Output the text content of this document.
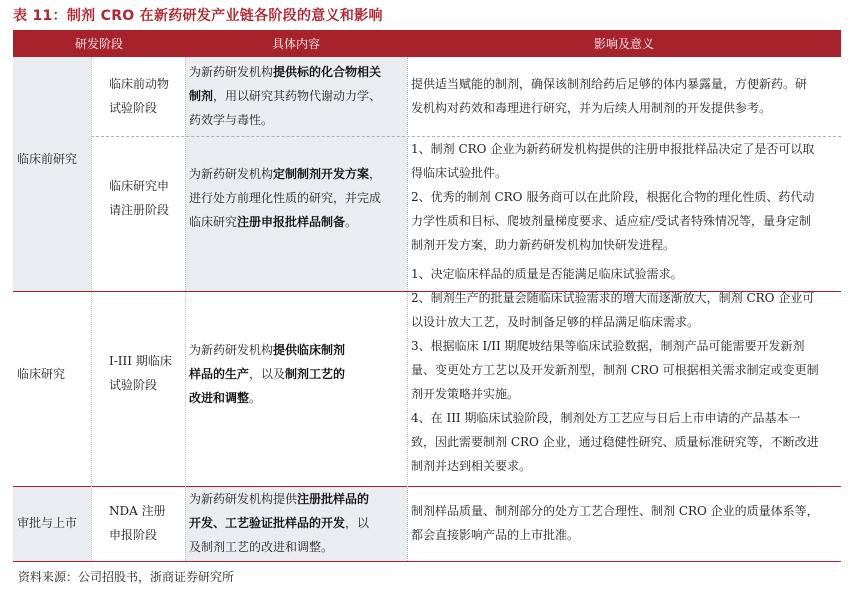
表 11：制剂 CRO 在新药研发产业链各阶段的意义和影响
研发阶段	具体内容	影响及意义
临床前研究
临床研究
审批与上市
临床前动物
试验阶段
为新药研发机构提供标的化合物相关
制剂，用以研究其药物代谢动力学、
药效学与毒性。
提供适当赋能的制剂，确保该制剂给药后足够的体内暴露量，方便新药。研
发机构对药效和毒理进行研究，并为后续人用制剂的开发提供参考。
临床研究申
请注册阶段
为新药研发机构定制制剂开发方案，
进行处方前理化性质的研究，并完成
临床研究注册申报批样品制备。
1、制剂 CRO 企业为新药研发机构提供的注册申报批样品决定了是否可以取
得临床试验批件。
2、优秀的制剂 CRO 服务商可以在此阶段，根据化合物的理化性质、药代动
力学性质和目标、爬坡剂量梯度要求、适应症/受试者特殊情况等，量身定制
制剂开发方案，助力新药研发机构加快研发进程。
I-III 期临床
试验阶段
为新药研发机构提供临床制剂
样品的生产，以及制剂工艺的
改进和调整。
1、决定临床样品的质量是否能满足临床试验需求。
2、制剂生产的批量会随临床试验需求的增大而逐渐放大，制剂 CRO 企业可
以设计放大工艺，及时制备足够的样品满足临床需求。
3、根据临床 I/II 期爬坡结果等临床试验数据，制剂产品可能需要开发新剂
量、变更处方工艺以及开发新剂型，制剂 CRO 可根据相关需求制定或变更制
剂开发策略并实施。
4、在 III 期临床试验阶段，制剂处方工艺应与日后上市申请的产品基本一
致，因此需要制剂 CRO 企业，通过稳健性研究、质量标准研究等，不断改进
制剂并达到相关要求。
NDA 注册
申报阶段
为新药研发机构提供注册批样品的
开发、工艺验证批样品的开发，以
及制剂工艺的改进和调整。
制剂样品质量、制剂部分的处方工艺合理性、制剂 CRO 企业的质量体系等，
都会直接影响产品的上市批准。
资料来源：公司招股书，浙商证券研究所
